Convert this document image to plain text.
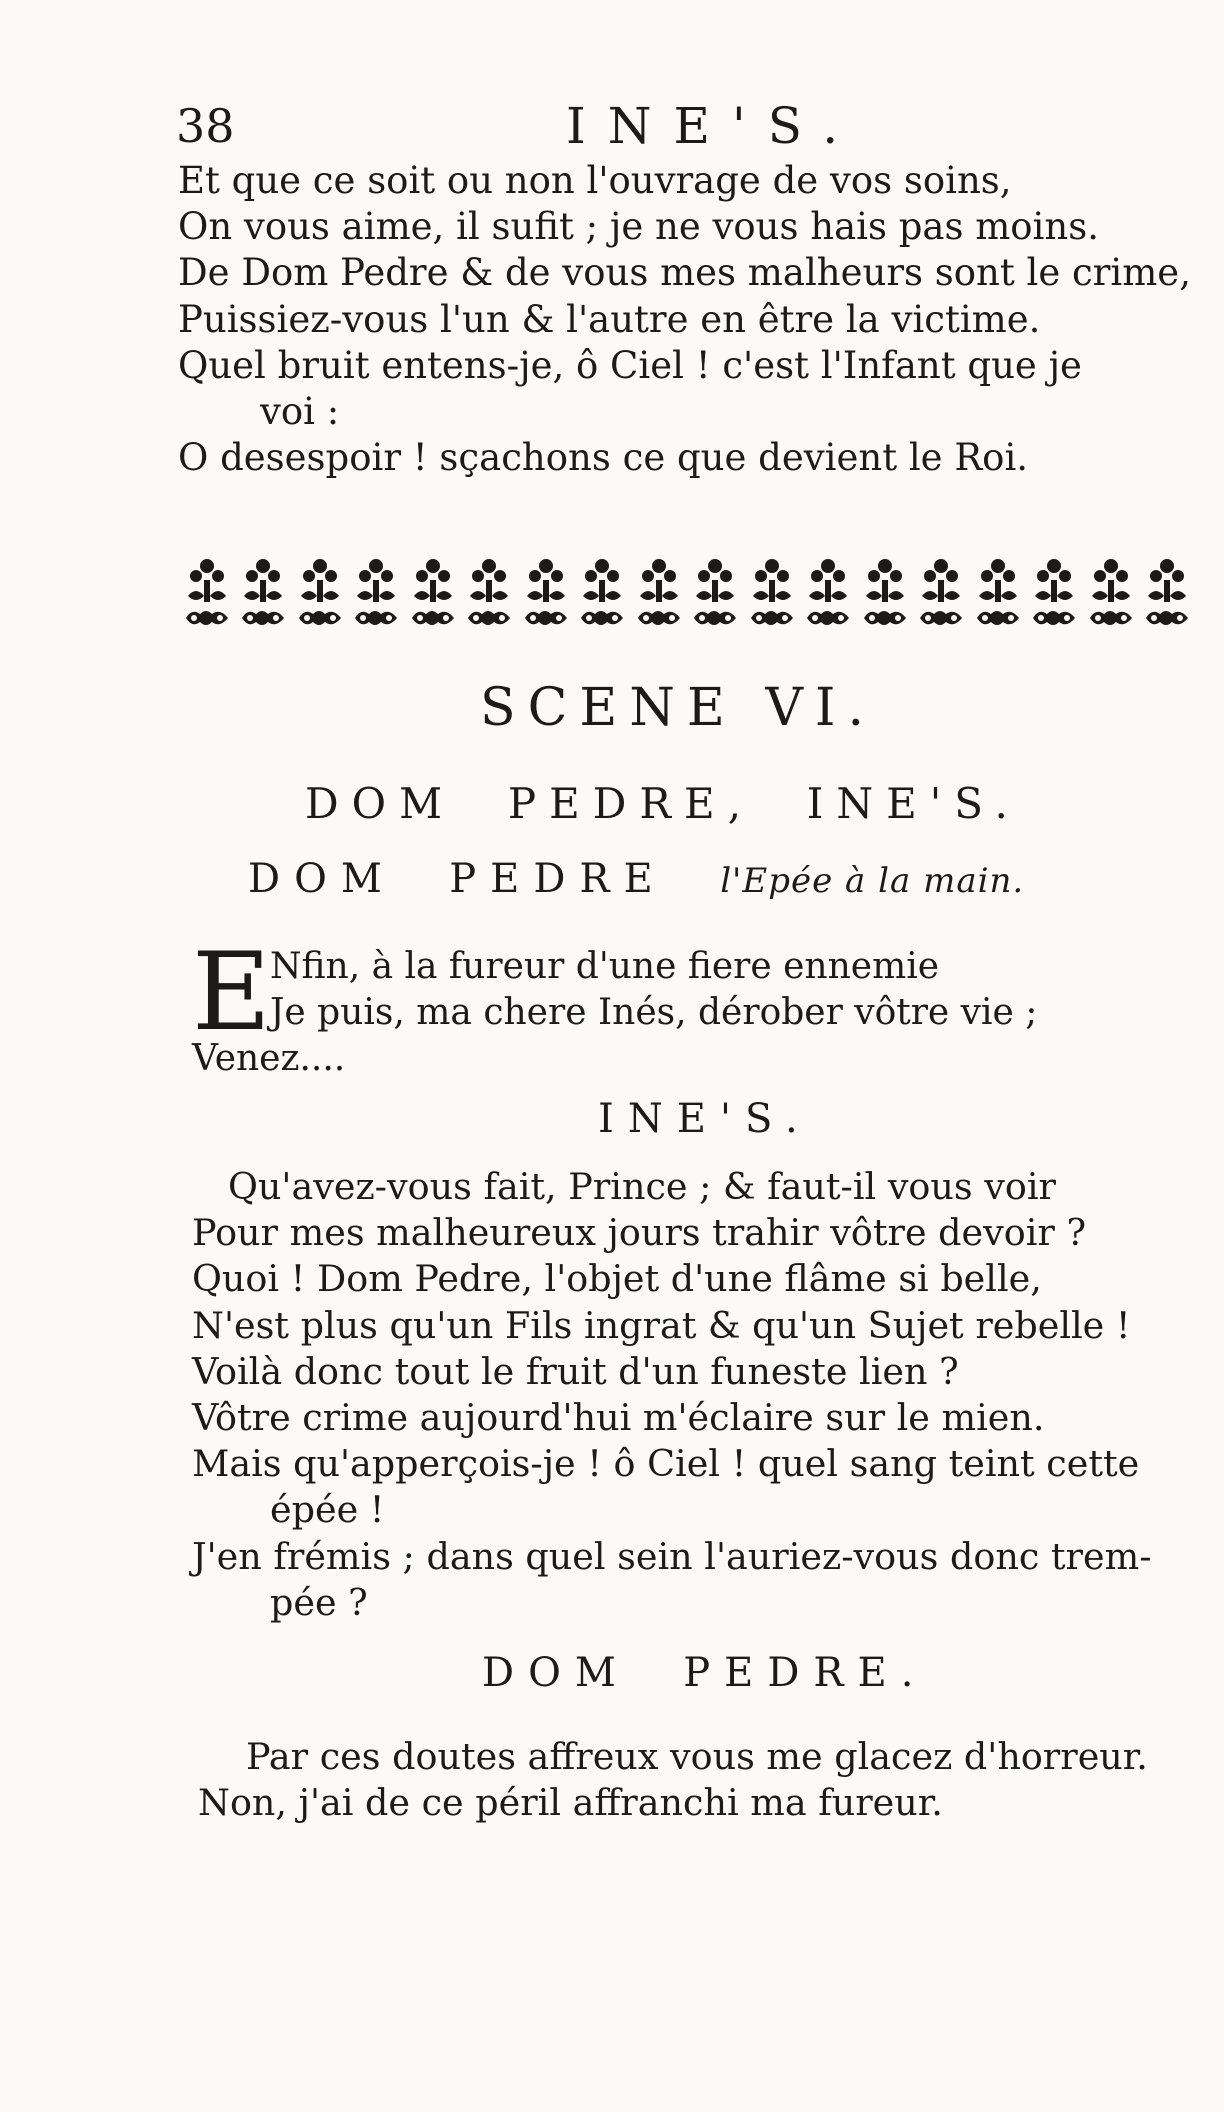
38	INE'S.
Et que ce soit ou non l'ouvrage de vos soins,
On vous aime, il sufit ; je ne vous hais pas moins.
De Dom Pedre & de vous mes malheurs sont le crime,
Puissiez-vous l'un & l'autre en être la victime.
Quel bruit entens-je, ô Ciel ! c'est l'Infant que je
voi :
O desespoir ! sçachons ce que devient le Roi.
SCENE VI.
DOM  PEDRE,  INE'S.
DOM  PEDRE l'Epée à la main.
E Nfin, à la fureur d'une fiere ennemie
Je puis, ma chere Inés, dérober vôtre vie ;
Venez....
INE'S.
Qu'avez-vous fait, Prince ; & faut-il vous voir
Pour mes malheureux jours trahir vôtre devoir ?
Quoi ! Dom Pedre, l'objet d'une flâme si belle,
N'est plus qu'un Fils ingrat & qu'un Sujet rebelle !
Voilà donc tout le fruit d'un funeste lien ?
Vôtre crime aujourd'hui m'éclaire sur le mien.
Mais qu'apperçois-je ! ô Ciel ! quel sang teint cette
épée !
J'en frémis ; dans quel sein l'auriez-vous donc trem-
pée ?
DOM  PEDRE.
Par ces doutes affreux vous me glacez d'horreur.
Non, j'ai de ce péril affranchi ma fureur.
